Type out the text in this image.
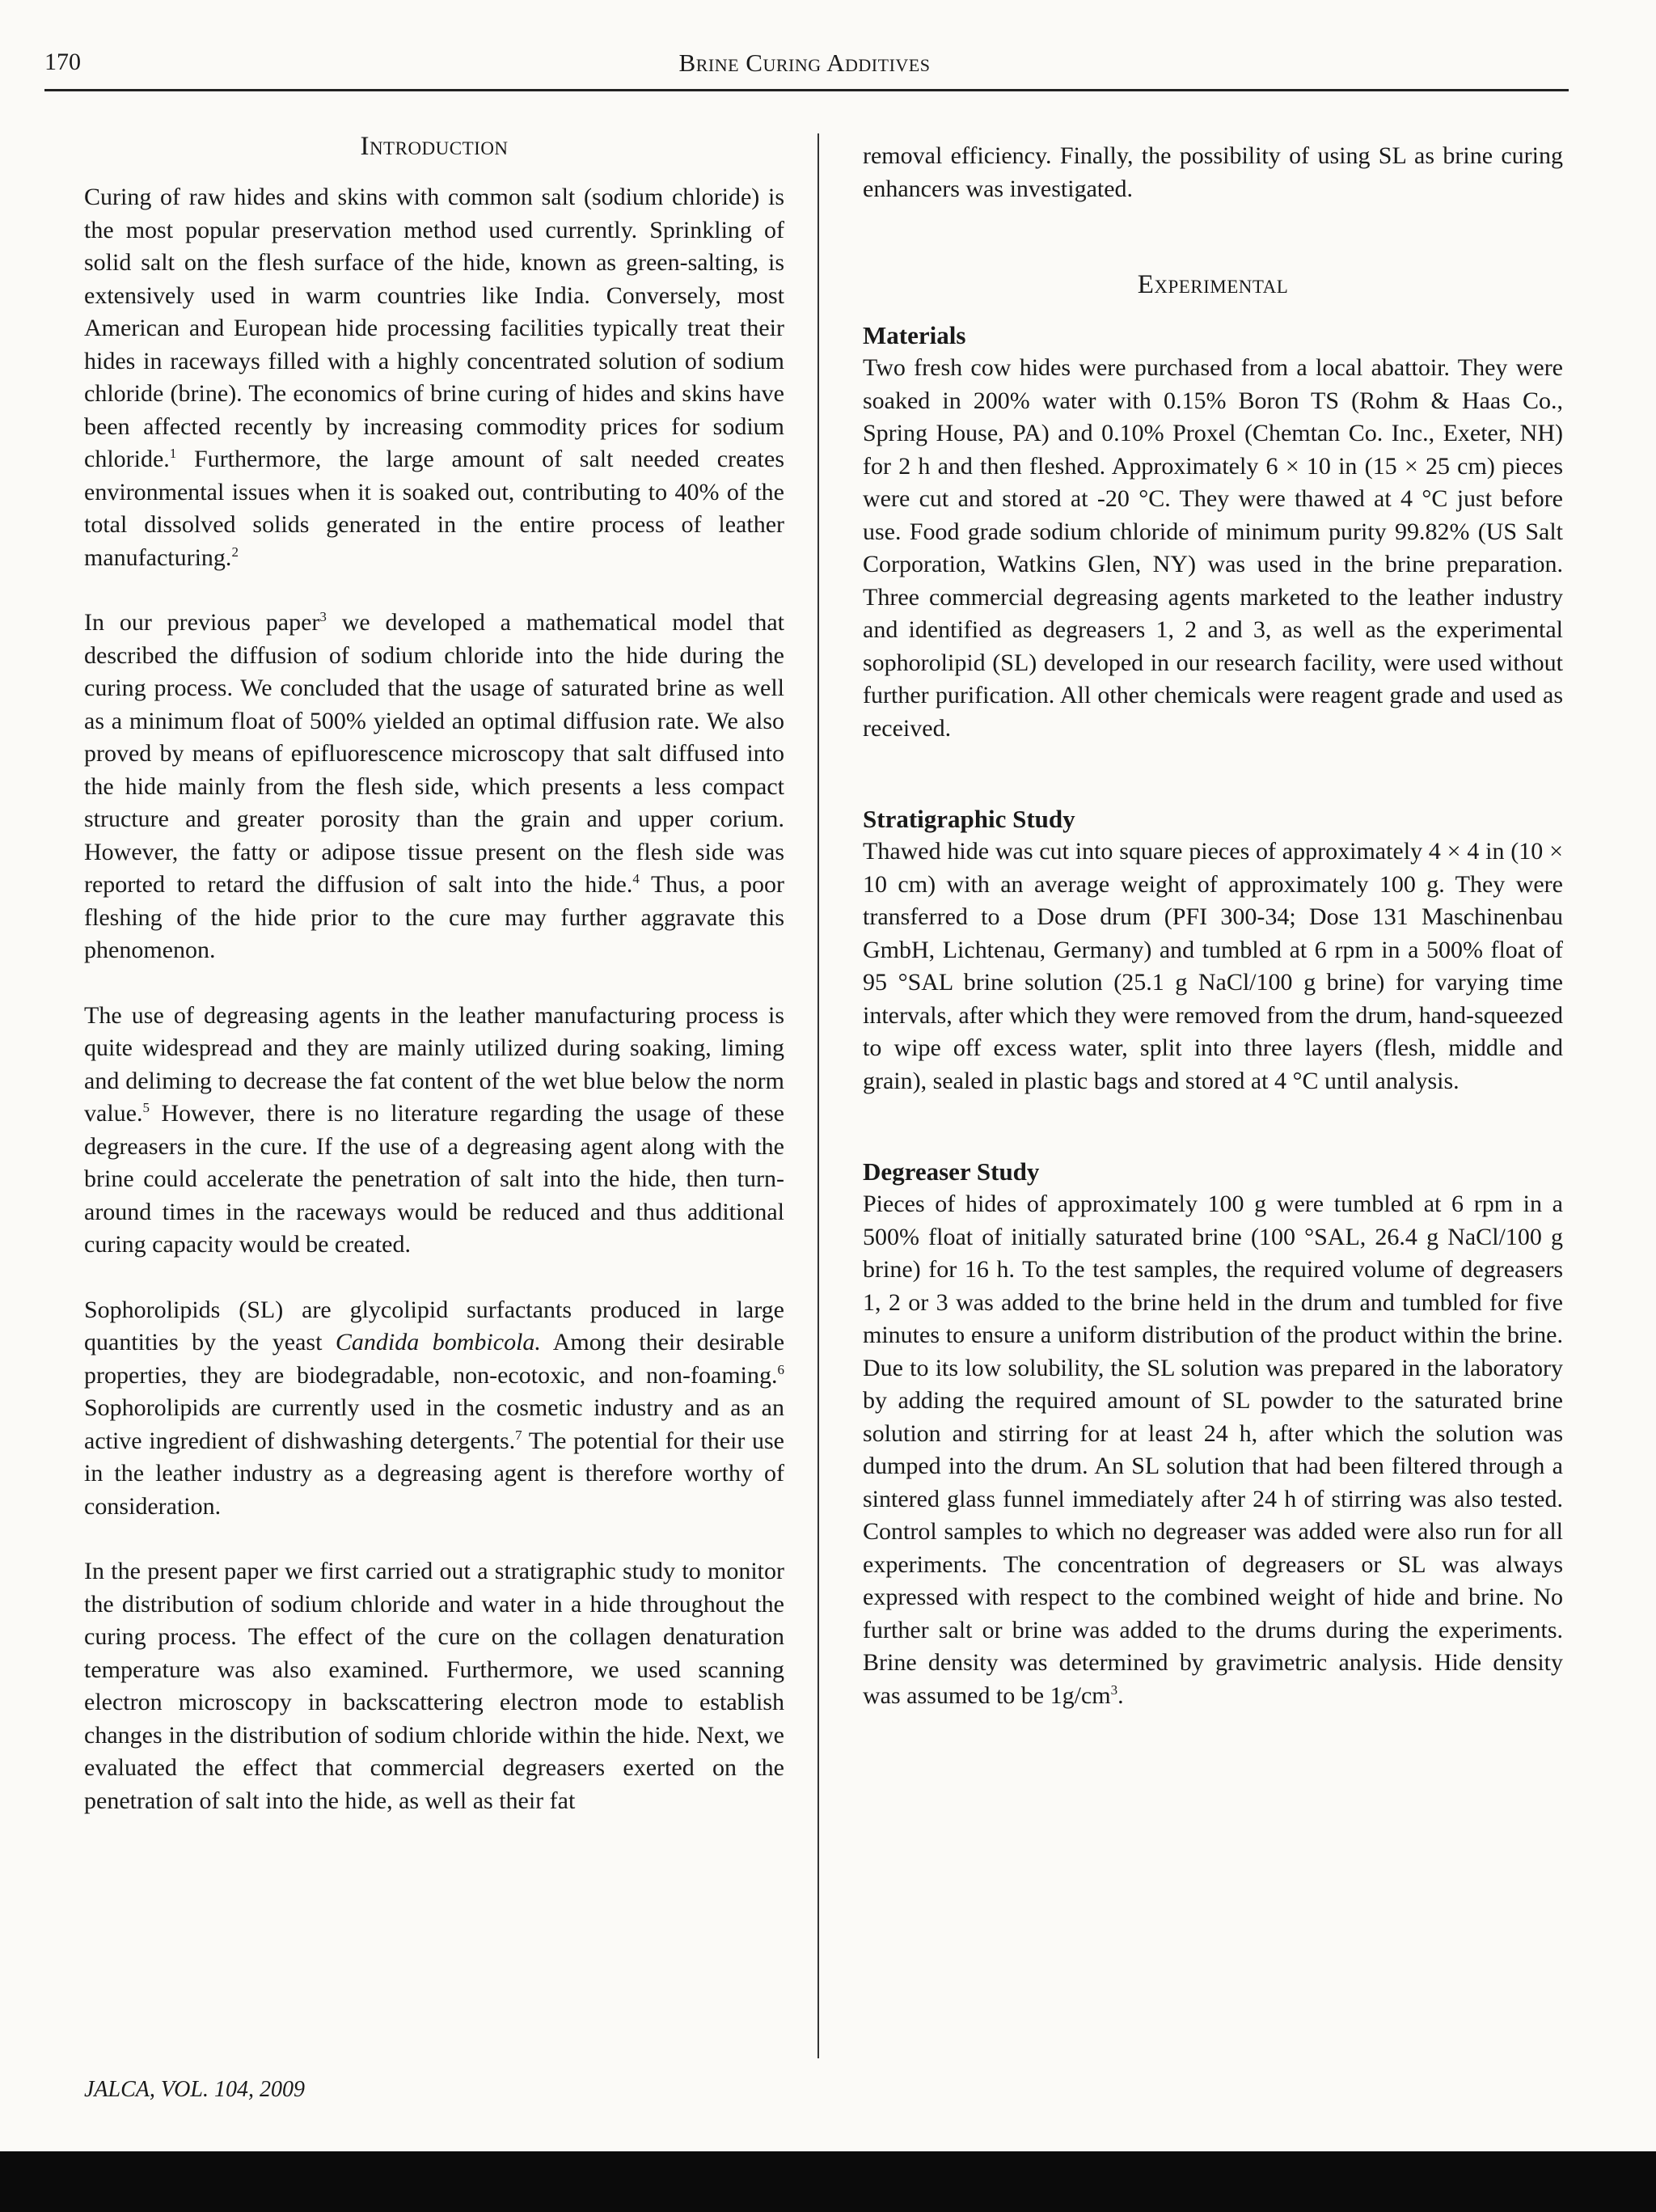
170	Brine Curing Additives
Introduction

Curing of raw hides and skins with common salt (sodium chloride) is the most popular preservation method used currently. Sprinkling of solid salt on the flesh surface of the hide, known as green-salting, is extensively used in warm countries like India. Conversely, most American and European hide processing facilities typically treat their hides in raceways filled with a highly concentrated solution of sodium chloride (brine). The economics of brine curing of hides and skins have been affected recently by increasing commodity prices for sodium chloride.$^1$ Furthermore, the large amount of salt needed creates environmental issues when it is soaked out, contributing to 40% of the total dissolved solids generated in the entire process of leather manufacturing.$^2$

In our previous paper$^3$ we developed a mathematical model that described the diffusion of sodium chloride into the hide during the curing process. We concluded that the usage of saturated brine as well as a minimum float of 500% yielded an optimal diffusion rate. We also proved by means of epifluorescence microscopy that salt diffused into the hide mainly from the flesh side, which presents a less compact structure and greater porosity than the grain and upper corium. However, the fatty or adipose tissue present on the flesh side was reported to retard the diffusion of salt into the hide.$^4$ Thus, a poor fleshing of the hide prior to the cure may further aggravate this phenomenon.

The use of degreasing agents in the leather manufacturing process is quite widespread and they are mainly utilized during soaking, liming and deliming to decrease the fat content of the wet blue below the norm value.$^5$ However, there is no literature regarding the usage of these degreasers in the cure. If the use of a degreasing agent along with the brine could accelerate the penetration of salt into the hide, then turn-around times in the raceways would be reduced and thus additional curing capacity would be created.

Sophorolipids (SL) are glycolipid surfactants produced in large quantities by the yeast Candida bombicola. Among their desirable properties, they are biodegradable, non-ecotoxic, and non-foaming.$^6$ Sophorolipids are currently used in the cosmetic industry and as an active ingredient of dishwashing detergents.$^7$ The potential for their use in the leather industry as a degreasing agent is therefore worthy of consideration.

In the present paper we first carried out a stratigraphic study to monitor the distribution of sodium chloride and water in a hide throughout the curing process. The effect of the cure on the collagen denaturation temperature was also examined. Furthermore, we used scanning electron microscopy in backscattering electron mode to establish changes in the distribution of sodium chloride within the hide. Next, we evaluated the effect that commercial degreasers exerted on the penetration of salt into the hide, as well as their fat

removal efficiency. Finally, the possibility of using SL as brine curing enhancers was investigated.

Experimental
Materials

Two fresh cow hides were purchased from a local abattoir. They were soaked in 200% water with 0.15% Boron TS (Rohm & Haas Co., Spring House, PA) and 0.10% Proxel (Chemtan Co. Inc., Exeter, NH) for 2 h and then fleshed. Approximately 6 × 10 in (15 × 25 cm) pieces were cut and stored at -20 °C. They were thawed at 4 °C just before use. Food grade sodium chloride of minimum purity 99.82% (US Salt Corporation, Watkins Glen, NY) was used in the brine preparation. Three commercial degreasing agents marketed to the leather industry and identified as degreasers 1, 2 and 3, as well as the experimental sophorolipid (SL) developed in our research facility, were used without further purification. All other chemicals were reagent grade and used as received.

Stratigraphic Study

Thawed hide was cut into square pieces of approximately 4 × 4 in (10 × 10 cm) with an average weight of approximately 100 g. They were transferred to a Dose drum (PFI 300-34; Dose 131 Maschinenbau GmbH, Lichtenau, Germany) and tumbled at 6 rpm in a 500% float of 95 °SAL brine solution (25.1 g NaCl/100 g brine) for varying time intervals, after which they were removed from the drum, hand-squeezed to wipe off excess water, split into three layers (flesh, middle and grain), sealed in plastic bags and stored at 4 °C until analysis.

Degreaser Study

Pieces of hides of approximately 100 g were tumbled at 6 rpm in a 500% float of initially saturated brine (100 °SAL, 26.4 g NaCl/100 g brine) for 16 h. To the test samples, the required volume of degreasers 1, 2 or 3 was added to the brine held in the drum and tumbled for five minutes to ensure a uniform distribution of the product within the brine. Due to its low solubility, the SL solution was prepared in the laboratory by adding the required amount of SL powder to the saturated brine solution and stirring for at least 24 h, after which the solution was dumped into the drum. An SL solution that had been filtered through a sintered glass funnel immediately after 24 h of stirring was also tested. Control samples to which no degreaser was added were also run for all experiments. The concentration of degreasers or SL was always expressed with respect to the combined weight of hide and brine. No further salt or brine was added to the drums during the experiments. Brine density was determined by gravimetric analysis. Hide density was assumed to be $1g/cm^3$.

JALCA, VOL. 104, 2009
